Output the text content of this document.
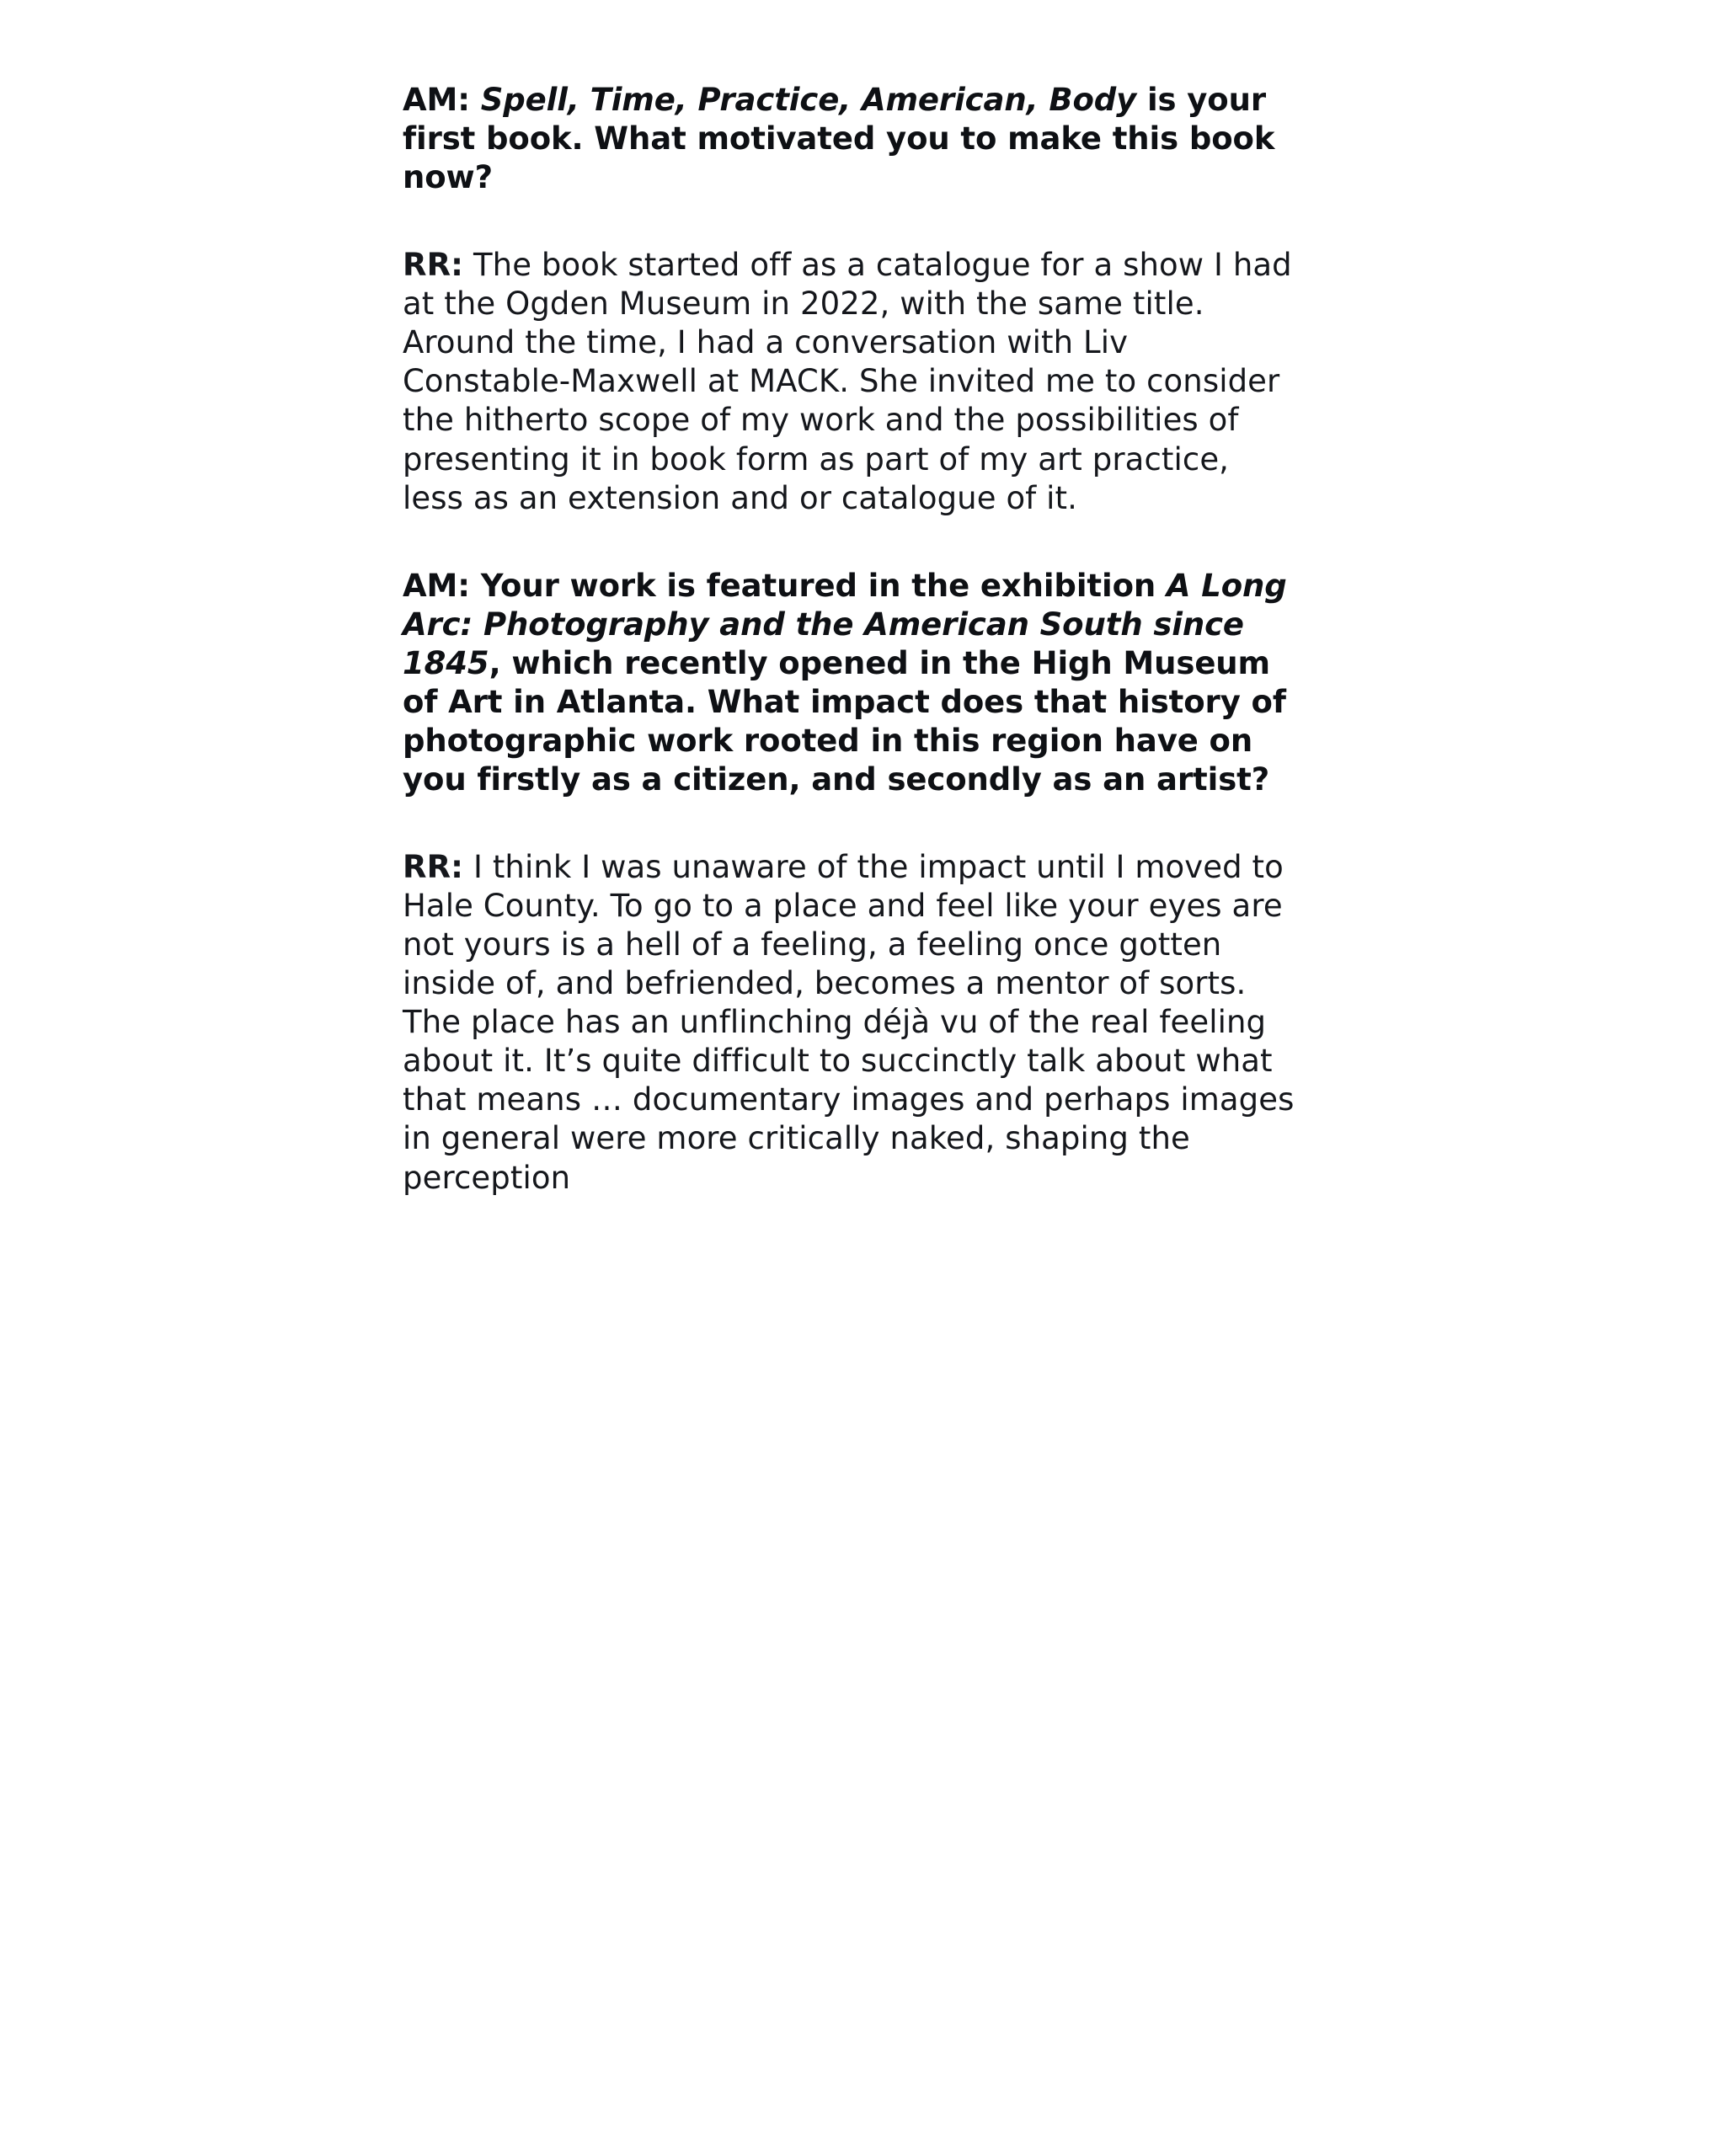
AM: Spell, Time, Practice, American, Body is your first book. What motivated you to make this book now?

RR: The book started off as a catalogue for a show I had at the Ogden Museum in 2022, with the same title. Around the time, I had a conversation with Liv Constable-Maxwell at MACK. She invited me to consider the hitherto scope of my work and the possibilities of presenting it in book form as part of my art practice, less as an extension and or catalogue of it.

AM: Your work is featured in the exhibition A Long Arc: Photography and the American South since 1845, which recently opened in the High Museum of Art in Atlanta. What impact does that history of photographic work rooted in this region have on you firstly as a citizen, and secondly as an artist?

RR: I think I was unaware of the impact until I moved to Hale County. To go to a place and feel like your eyes are not yours is a hell of a feeling, a feeling once gotten inside of, and befriended, becomes a mentor of sorts. The place has an unflinching déjà vu of the real feeling about it. It’s quite difficult to succinctly talk about what that means … documentary images and perhaps images in general were more critically naked, shaping the perception
